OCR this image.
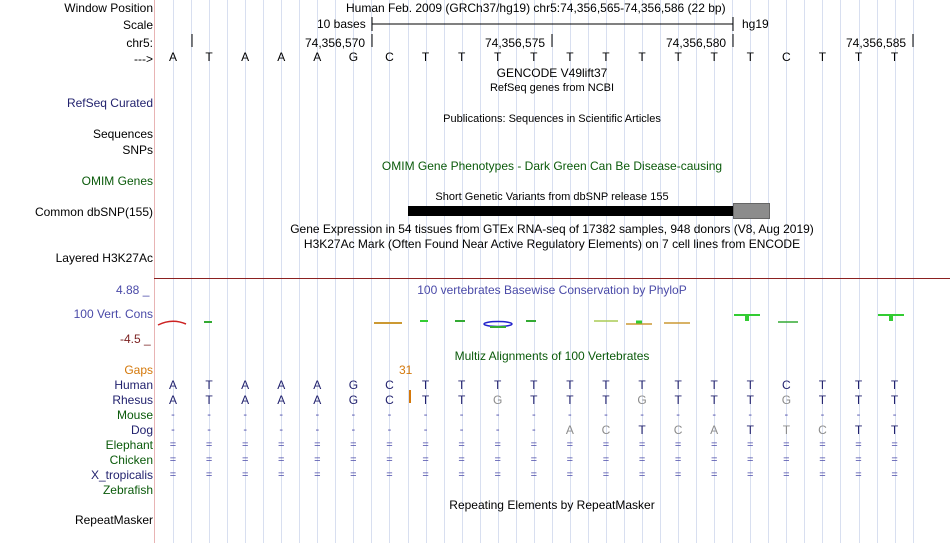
Window Position	Human Feb. 2009 (GRCh37/hg19) chr5:74,356,565-74,356,586 (22 bp)
Scale	10 bases	hg19
chr5:	74,356,570	74,356,575	74,356,580	74,356,585
--->	A	T	A	A	A	G	C	T	T	T	T	T	T	T	T	T	T	C	T	T	T
GENCODE V49lift37
RefSeq genes from NCBI
RefSeq Curated
Publications: Sequences in Scientific Articles
Sequences
SNPs
OMIM Gene Phenotypes - Dark Green Can Be Disease-causing
OMIM Genes
Short Genetic Variants from dbSNP release 155
Common dbSNP(155)
Gene Expression in 54 tissues from GTEx RNA-seq of 17382 samples, 948 donors (V8, Aug 2019)
H3K27Ac Mark (Often Found Near Active Regulatory Elements) on 7 cell lines from ENCODE
Layered H3K27Ac
4.88 _	100 vertebrates Basewise Conservation by PhyloP
100 Vert. Cons
-4.5 _
Multiz Alignments of 100 Vertebrates
Gaps	31
Human	A	T	A	A	A	G	C	T	T	T	T	T	T	T	T	T	T	C	T	T	T
Rhesus	A	T	A	A	A	G	C	T	T	G	T	T	T	G	T	T	T	G	T	T	T
Mouse	-	-	-	-	-	-	-	-	-	-	-	-	-	-	-	-	-	-	-	-	-
Dog	-	-	-	-	-	-	-	-	-	-	-	A	C	T	C	A	T	T	C	T	T
Elephant	=	=	=	=	=	=	=	=	=	=	=	=	=	=	=	=	=	=	=	=	=
Chicken	=	=	=	=	=	=	=	=	=	=	=	=	=	=	=	=	=	=	=	=	=
X_tropicalis	=	=	=	=	=	=	=	=	=	=	=	=	=	=	=	=	=	=	=	=	=
Zebrafish
Repeating Elements by RepeatMasker
RepeatMasker
